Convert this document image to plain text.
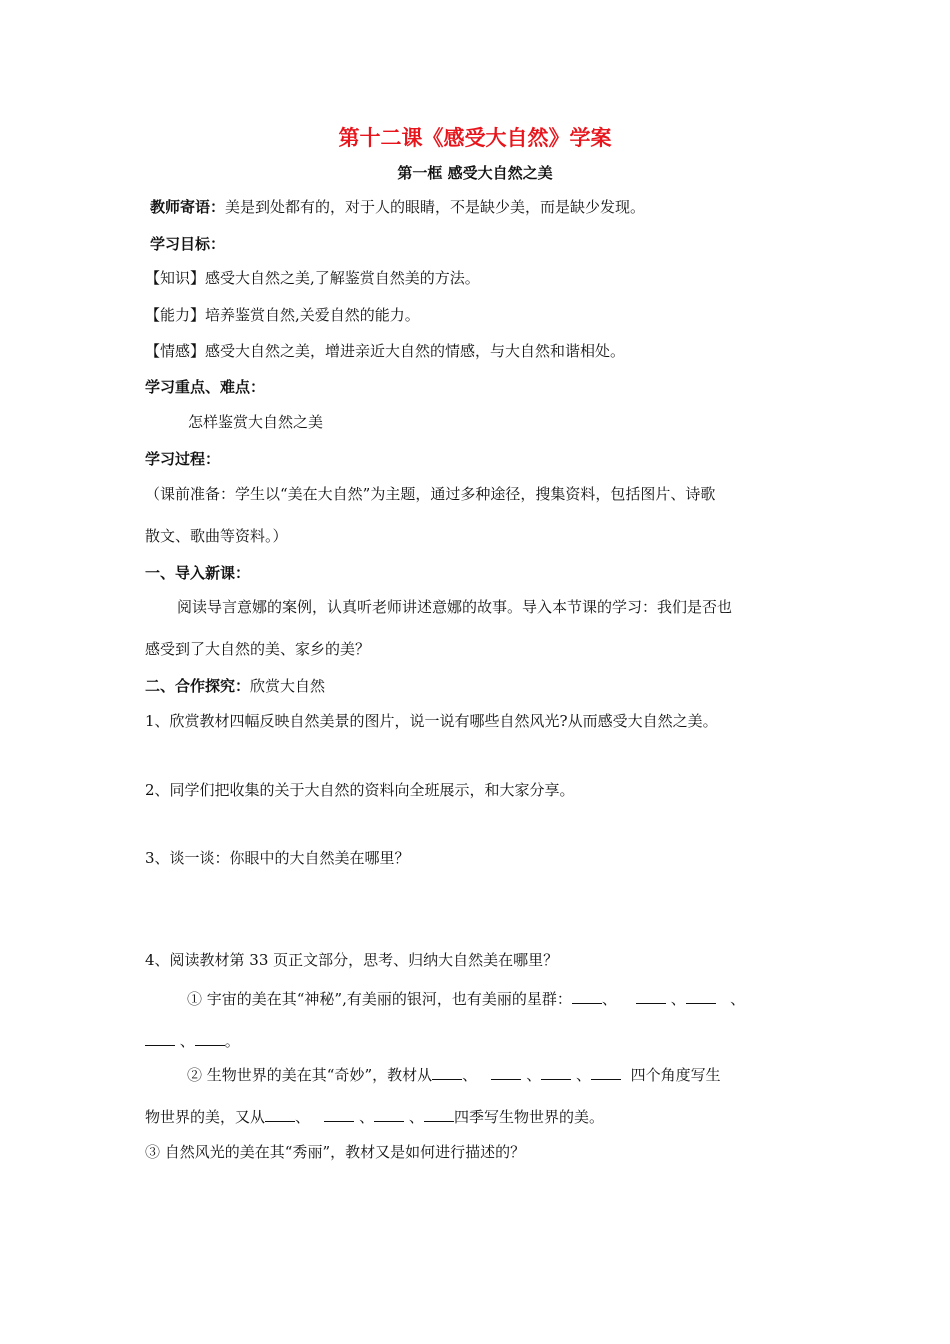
第十二课《感受大自然》学案
第一框 感受大自然之美
教师寄语：美是到处都有的，对于人的眼睛，不是缺少美，而是缺少发现。
学习目标：
【知识】感受大自然之美,了解鉴赏自然美的方法。
【能力】培养鉴赏自然,关爱自然的能力。
【情感】感受大自然之美，增进亲近大自然的情感，与大自然和谐相处。
学习重点、难点：
怎样鉴赏大自然之美
学习过程：
（课前准备：学生以“美在大自然”为主题，通过多种途径，搜集资料，包括图片、诗歌
散文、歌曲等资料。）
一、导入新课：
阅读导言意娜的案例，认真听老师讲述意娜的故事。导入本节课的学习：我们是否也
感受到了大自然的美、家乡的美？
二、合作探究：欣赏大自然
1、欣赏教材四幅反映自然美景的图片，说一说有哪些自然风光?从而感受大自然之美。
2、同学们把收集的关于大自然的资料向全班展示，和大家分享。
3、谈一谈：你眼中的大自然美在哪里？
4、阅读教材第 33 页正文部分，思考、归纳大自然美在哪里？
① 宇宙的美在其“神秘”,有美丽的银河，也有美丽的星群： 、	、	、
、 。
② 生物世界的美在其“奇妙”，教材从 、	、 、	四个角度写生
物世界的美，又从 、	、 、 四季写生物世界的美。
③ 自然风光的美在其“秀丽”，教材又是如何进行描述的？
